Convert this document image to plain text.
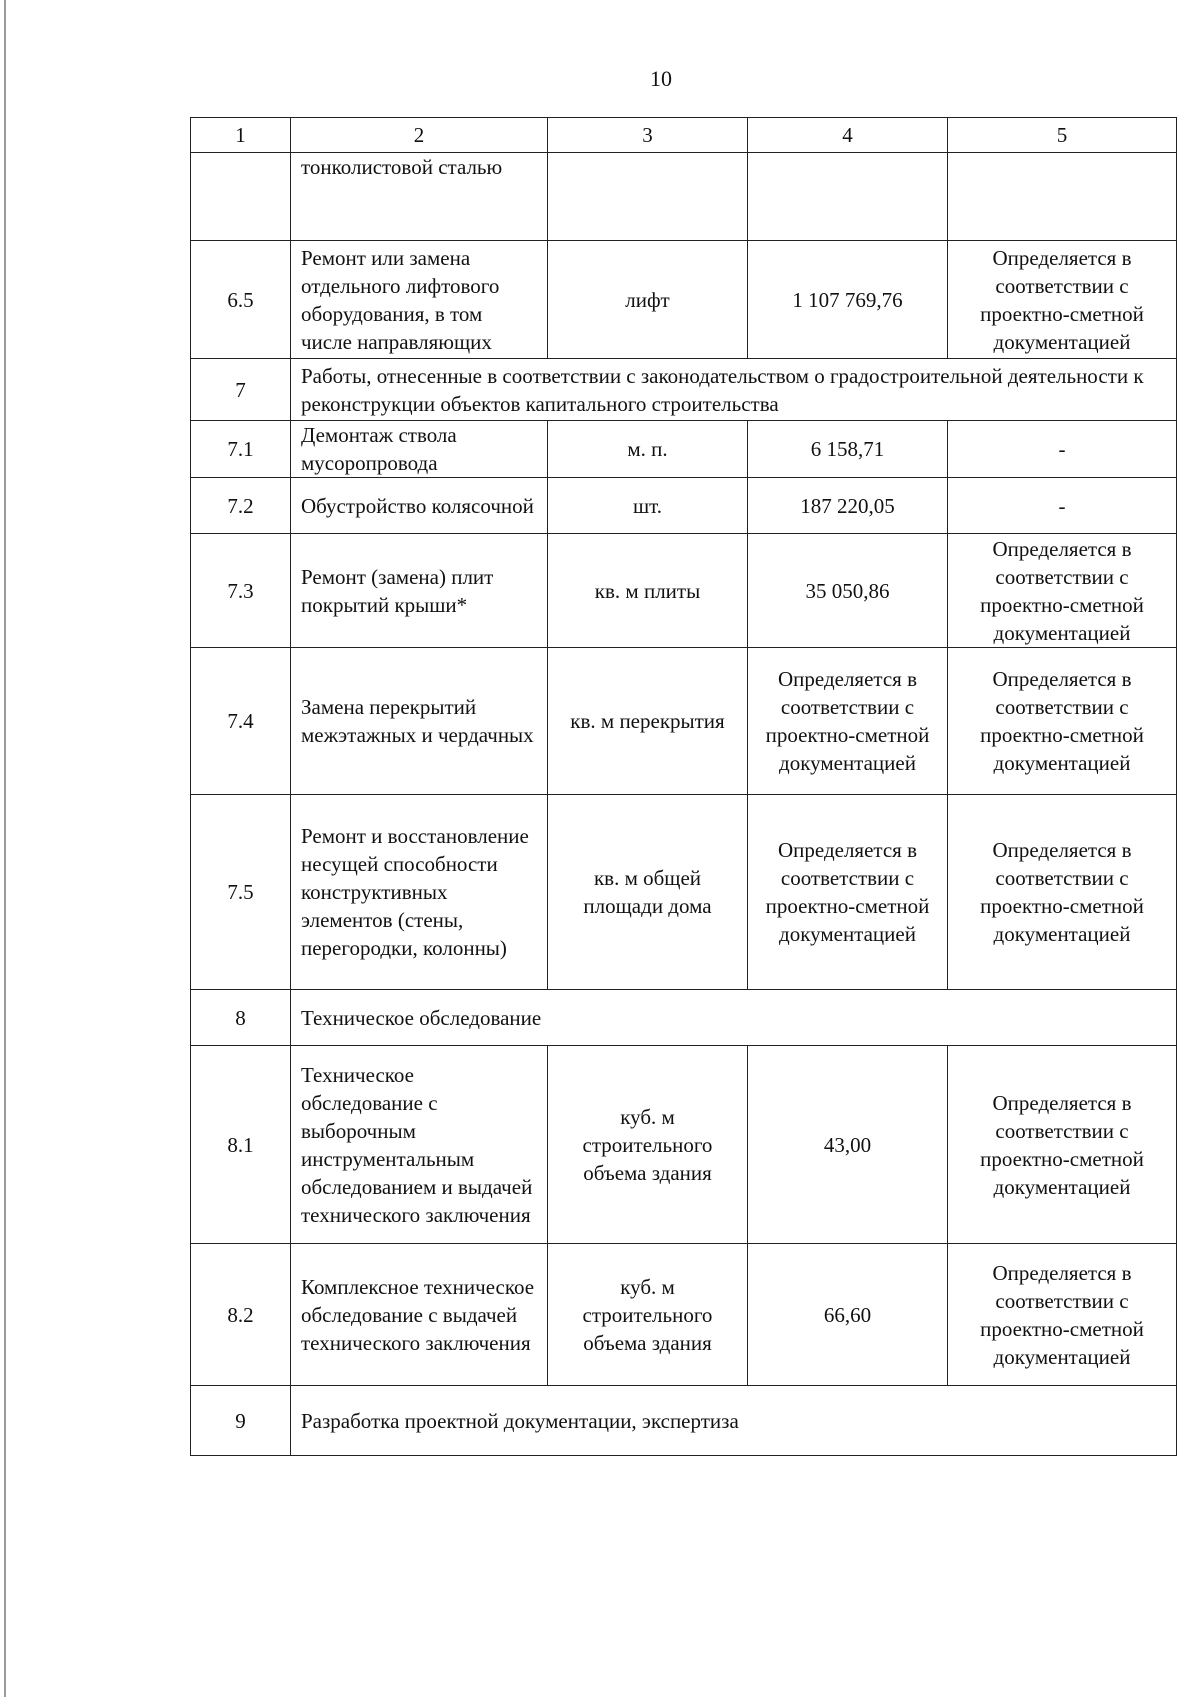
10
1	2	3	4	5
	тонколистовой сталью			
6.5	Ремонт или замена отдельного лифтового оборудования, в том числе направляющих	лифт	1 107 769,76	Определяется в соответствии с проектно-сметной документацией
7	Работы, отнесенные в соответствии с законодательством о градостроительной деятельности к реконструкции объектов капитального строительства			
7.1	Демонтаж ствола мусоропровода	м. п.	6 158,71	-
7.2	Обустройство колясочной	шт.	187 220,05	-
7.3	Ремонт (замена) плит покрытий крыши*	кв. м плиты	35 050,86	Определяется в соответствии с проектно-сметной документацией
7.4	Замена перекрытий межэтажных и чердачных	кв. м перекрытия	Определяется в соответствии с проектно-сметной документацией	Определяется в соответствии с проектно-сметной документацией
7.5	Ремонт и восстановление несущей способности конструктивных элементов (стены, перегородки, колонны)	кв. м общей площади дома	Определяется в соответствии с проектно-сметной документацией	Определяется в соответствии с проектно-сметной документацией
8	Техническое обследование			
8.1	Техническое обследование с выборочным инструментальным обследованием и выдачей технического заключения	куб. м строительного объема здания	43,00	Определяется в соответствии с проектно-сметной документацией
8.2	Комплексное техническое обследование с выдачей технического заключения	куб. м строительного объема здания	66,60	Определяется в соответствии с проектно-сметной документацией
9	Разработка проектной документации, экспертиза			
